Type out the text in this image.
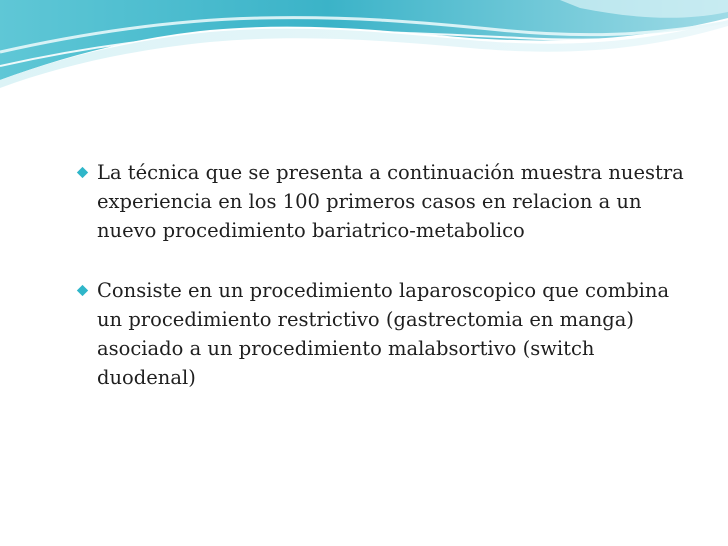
La técnica que se presenta a continuación muestra nuestra experiencia en los 100 primeros casos en relacion a un nuevo procedimiento bariatrico-metabolico
Consiste en un procedimiento laparoscopico que combina un procedimiento restrictivo (gastrectomia en manga) asociado a un procedimiento malabsortivo (switch duodenal)
